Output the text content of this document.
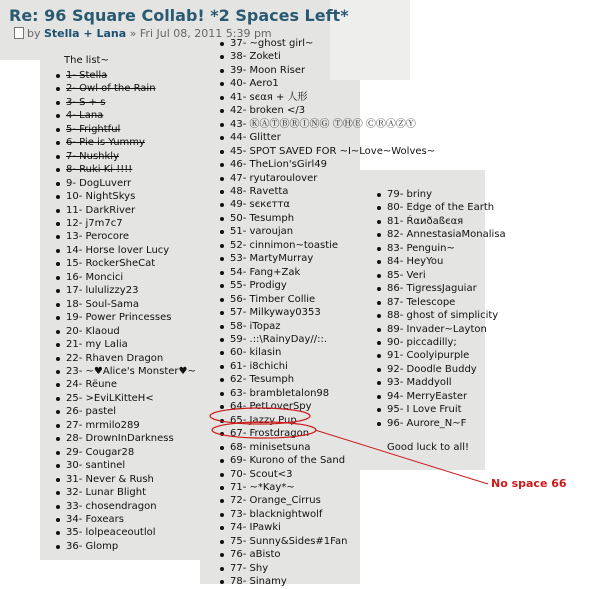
Re: 96 Square Collab! *2 Spaces Left*
by Stella + Lana » Fri Jul 08, 2011 5:39 pm
The list~
1- Stella
2- Owl of the Rain
3- S + s
4- Lana
5- Frightful
6- Pie is Yummy
7- Nushkly
8- Ruki Ki !!!!
9- DogLuverr
10- NightSkys
11- DarkRiver
12- j7m7c7
13- Perocore
14- Horse lover Lucy
15- RockerSheCat
16- Moncici
17- lululizzy23
18- Soul-Sama
19- Power Princesses
20- Klaoud
21- my Lalia
22- Rhaven Dragon
23- ~♥Alice's Monster♥~
24- Rëune
25- >EviLKitteH<
26- pastel
27- mrmilo289
28- DrownInDarkness
29- Cougar28
30- santinel
31- Never & Rush
32- Lunar Blight
33- chosendragon
34- Foxears
35- lolpeaceoutlol
36- Glomp
37- ~ghost girl~
38- Zoketi
39- Moon Riser
40- Aero1
41- ѕєαя + 人形
42- broken </3
43- ⓀⒶⓉⒷⓇⒾⓃⒼ ⓉⒽⒺ ⒸⓇⒶⓏⓎ
44- Glitter
45- SPOT SAVED FOR ~I~Love~Wolves~
46- TheLion'sGirl49
47- ryutaroulover
48- Ravetta
49- ѕєкєттα
50- Tesumph
51- varoujan
52- cinnimon~toastie
53- MartyMurray
54- Fang+Zak
55- Prodigy
56- Timber Collie
57- Milkyway0353
58- iTopaz
59- .::\RainyDay//::.
60- kilasin
61- i8chichi
62- Tesumph
63- brambletalon98
64- PetLoverSpy
65- Jazzy Pup
67- Frostdragon
68- minisetsuna
69- Kurono of the Sand
70- Scout<3
71- ~*Kay*~
72- Orange_Cirrus
73- blacknightwolf
74- IPawki
75- Sunny&Sides#1Fan
76- aBisto
77- Shy
78- Sinamy
79- briny
80- Edge of the Earth
81- Ŕαиðаßєαя
82- AnnestasiaMonalisa
83- Penguin~
84- HeyYou
85- Veri
86- TigressJaguiar
87- Telescope
88- ghost of simplicity
89- Invader~Layton
90- piccadilly;
91- Coolyipurple
92- Doodle Buddy
93- Maddyoll
94- MerryEaster
95- I Love Fruit
96- Aurore_N~F
Good luck to all!
No space 66
